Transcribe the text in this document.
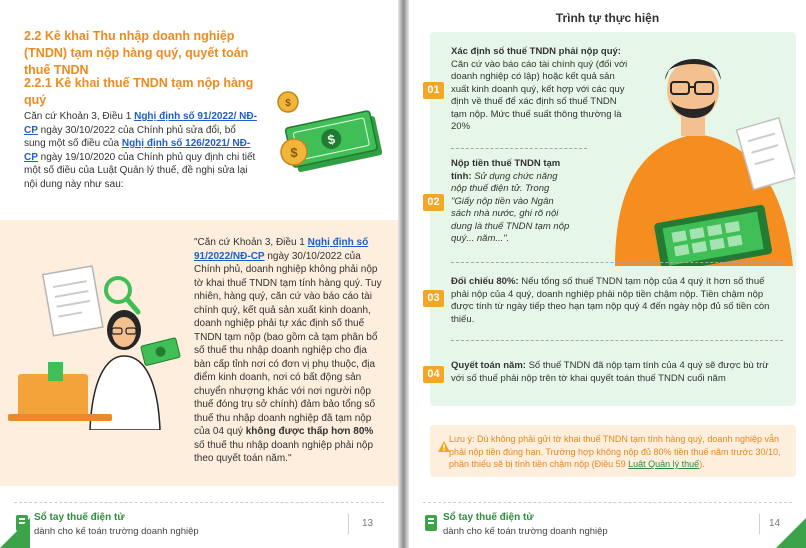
2.2 Kê khai Thu nhập doanh nghiệp (TNDN) tạm nộp hàng quý, quyết toán thuế TNDN
2.2.1 Kê khai thuế TNDN tạm nộp hàng quý
Căn cứ Khoản 3, Điều 1 Nghị định số 91/2022/ NĐ-CP ngày 30/10/2022 của Chính phủ sửa đổi, bổ sung một số điều của Nghị định số 126/2021/ NĐ-CP ngày 19/10/2020 của Chính phủ quy định chi tiết một số điều của Luật Quản lý thuế, đề nghị sửa lại nội dung này như sau:
$
$
$
"Căn cứ Khoản 3, Điều 1 Nghị định số 91/2022/NĐ-CP ngày 30/10/2022 của Chính phủ, doanh nghiệp không phải nộp tờ khai thuế TNDN tạm tính hàng quý. Tuy nhiên, hàng quý, căn cứ vào báo cáo tài chính quý, kết quả sản xuất kinh doanh, doanh nghiệp phải tự xác định số thuế TNDN tạm nộp (bao gồm cả tạm phân bổ số thuế thu nhập doanh nghiệp cho địa bàn cấp tỉnh nơi có đơn vị phụ thuộc, địa điểm kinh doanh, nơi có bất động sản chuyển nhượng khác với nơi người nộp thuế đóng trụ sở chính) đảm bảo tổng số thuế thu nhập doanh nghiệp đã tạm nộp của 04 quý không được thấp hơn 80% số thuế thu nhập doanh nghiệp phải nộp theo quyết toán năm."
Sổ tay thuế điện tử
dành cho kế toán trường doanh nghiệp
13
Trình tự thực hiện
01
Xác định số thuế TNDN phải nộp quý:
Căn cứ vào báo cáo tài chính quý (đối với doanh nghiệp có lập) hoặc kết quả sản xuất kinh doanh quý, kết hợp với các quy định về thuế để xác định số thuế TNDN tạm nộp. Mức thuế suất thông thường là 20%
02
Nộp tiền thuế TNDN tạm tính: Sử dụng chức năng nộp thuế điện tử. Trong "Giấy nộp tiền vào Ngân sách nhà nước, ghi rõ nội dung là thuế TNDN tạm nộp quý... năm...".
03
Đối chiếu 80%: Nếu tổng số thuế TNDN tạm nộp của 4 quý ít hơn số thuế phải nộp của 4 quý, doanh nghiệp phải nộp tiền chậm nộp. Tiền chậm nộp được tính từ ngày tiếp theo hạn tạm nộp quý 4 đến ngày nộp đủ số tiền còn thiếu.
04
Quyết toán năm: Số thuế TNDN đã nộp tạm tính của 4 quý sẽ được bù trừ với số thuế phải nộp trên tờ khai quyết toán thuế TNDN cuối năm
Lưu ý: Dù không phải gửi tờ khai thuế TNDN tạm tính hàng quý, doanh nghiệp vẫn phải nộp tiền đúng hạn. Trường hợp không nộp đủ 80% tiền thuế năm trước 30/10, phần thiếu sẽ bị tính tiền chậm nộp (Điều 59 Luật Quản lý thuế).
Sổ tay thuế điện tử
dành cho kế toán trường doanh nghiệp
14
